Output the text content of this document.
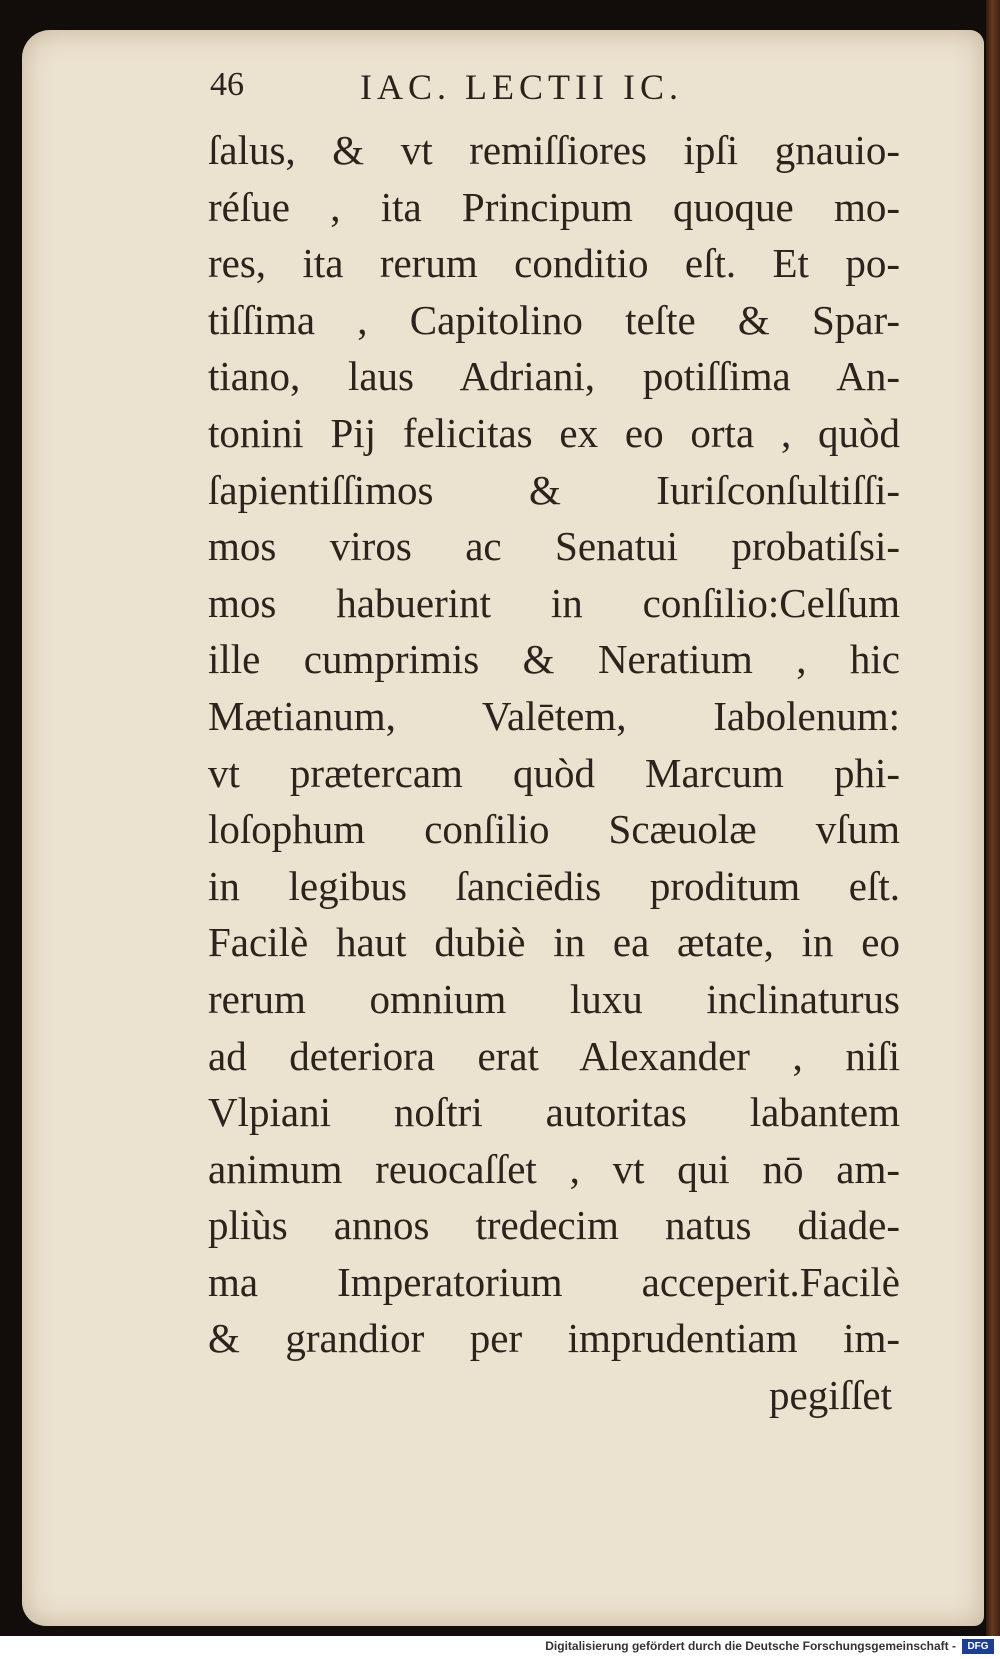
46	IAC. LECTII IC.
ſalus, & vt remiſſiores ipſi gnauio-
réſue , ita Principum quoque mo-
res, ita rerum conditio eſt. Et po-
tiſſima , Capitolino teſte & Spar-
tiano, laus Adriani, potiſſima An-
tonini Pij felicitas ex eo orta , quòd
ſapientiſſimos & Iuriſconſultiſſi-
mos viros ac Senatui probatiſsi-
mos habuerint in conſilio:Celſum
ille cumprimis & Neratium , hic
Mætianum, Valētem, Iabolenum:
vt prætercam quòd Marcum phi-
loſophum conſilio Scæuolæ vſum
in legibus ſanciēdis proditum eſt.
Facilè haut dubiè in ea ætate, in eo
rerum omnium luxu inclinaturus
ad deteriora erat Alexander , niſi
Vlpiani noſtri autoritas labantem
animum reuocaſſet , vt qui nō am-
pliùs annos tredecim natus diade-
ma Imperatorium acceperit.Facilè
& grandior per imprudentiam im-
pegiſſet
Digitalisierung gefördert durch die Deutsche Forschungsgemeinschaft -	DFG
